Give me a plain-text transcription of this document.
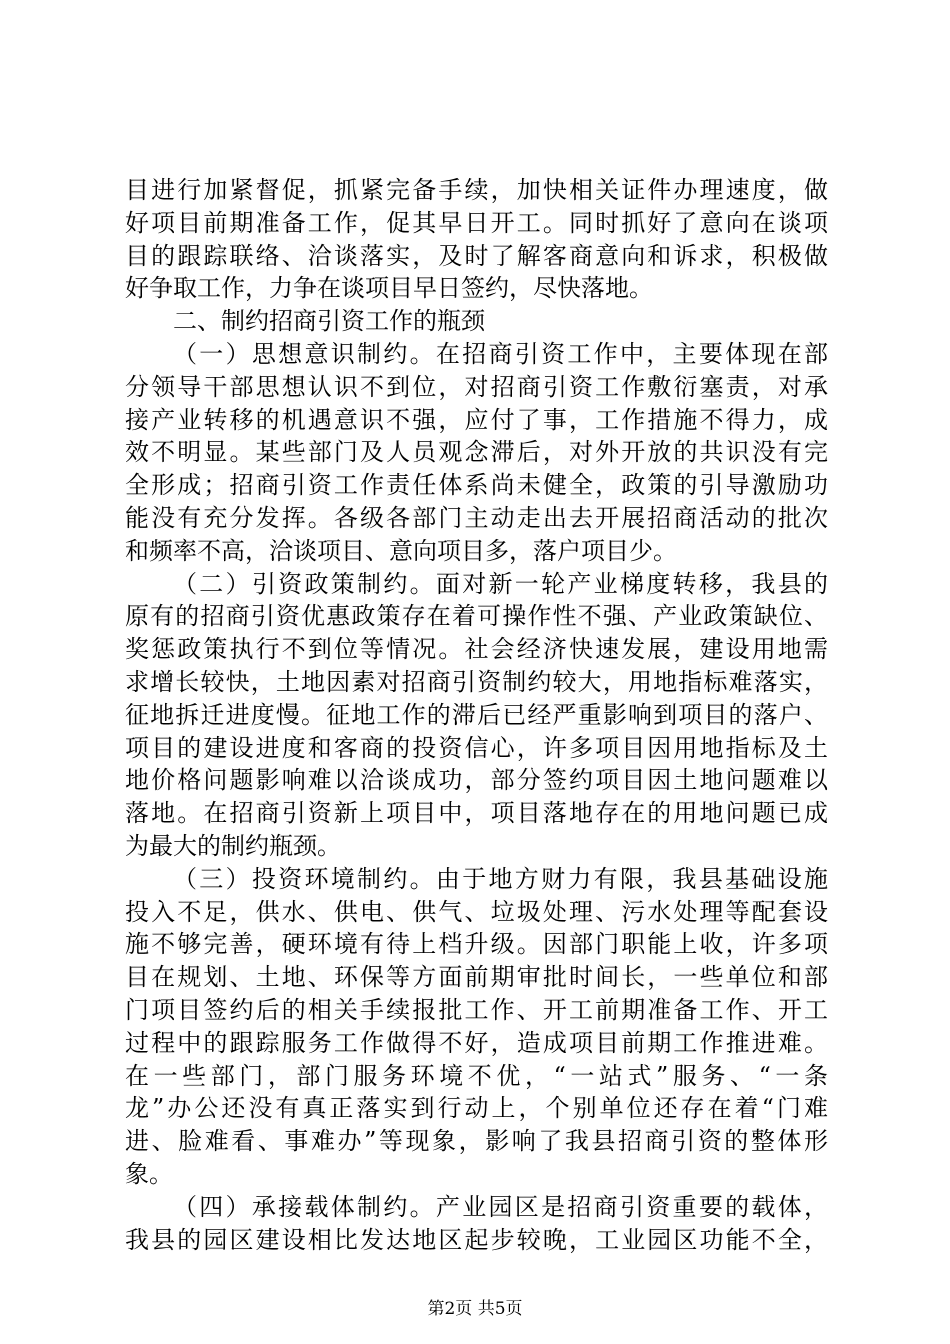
目进行加紧督促，抓紧完备手续，加快相关证件办理速度，做
好项目前期准备工作，促其早日开工。同时抓好了意向在谈项
目的跟踪联络、洽谈落实，及时了解客商意向和诉求，积极做
好争取工作，力争在谈项目早日签约，尽快落地。
二、制约招商引资工作的瓶颈
（一）思想意识制约。在招商引资工作中，主要体现在部
分领导干部思想认识不到位，对招商引资工作敷衍塞责，对承
接产业转移的机遇意识不强，应付了事，工作措施不得力，成
效不明显。某些部门及人员观念滞后，对外开放的共识没有完
全形成；招商引资工作责任体系尚未健全，政策的引导激励功
能没有充分发挥。各级各部门主动走出去开展招商活动的批次
和频率不高，洽谈项目、意向项目多，落户项目少。
（二）引资政策制约。面对新一轮产业梯度转移，我县的
原有的招商引资优惠政策存在着可操作性不强、产业政策缺位、
奖惩政策执行不到位等情况。社会经济快速发展，建设用地需
求增长较快，土地因素对招商引资制约较大，用地指标难落实，
征地拆迁进度慢。征地工作的滞后已经严重影响到项目的落户、
项目的建设进度和客商的投资信心，许多项目因用地指标及土
地价格问题影响难以洽谈成功，部分签约项目因土地问题难以
落地。在招商引资新上项目中，项目落地存在的用地问题已成
为最大的制约瓶颈。
（三）投资环境制约。由于地方财力有限，我县基础设施
投入不足，供水、供电、供气、垃圾处理、污水处理等配套设
施不够完善，硬环境有待上档升级。因部门职能上收，许多项
目在规划、土地、环保等方面前期审批时间长，一些单位和部
门项目签约后的相关手续报批工作、开工前期准备工作、开工
过程中的跟踪服务工作做得不好，造成项目前期工作推进难。
在一些部门，部门服务环境不优，“一站式”服务、“一条
龙”办公还没有真正落实到行动上，个别单位还存在着“门难
进、脸难看、事难办”等现象，影响了我县招商引资的整体形
象。
（四）承接载体制约。产业园区是招商引资重要的载体，
我县的园区建设相比发达地区起步较晚，工业园区功能不全，
第2页 共5页
